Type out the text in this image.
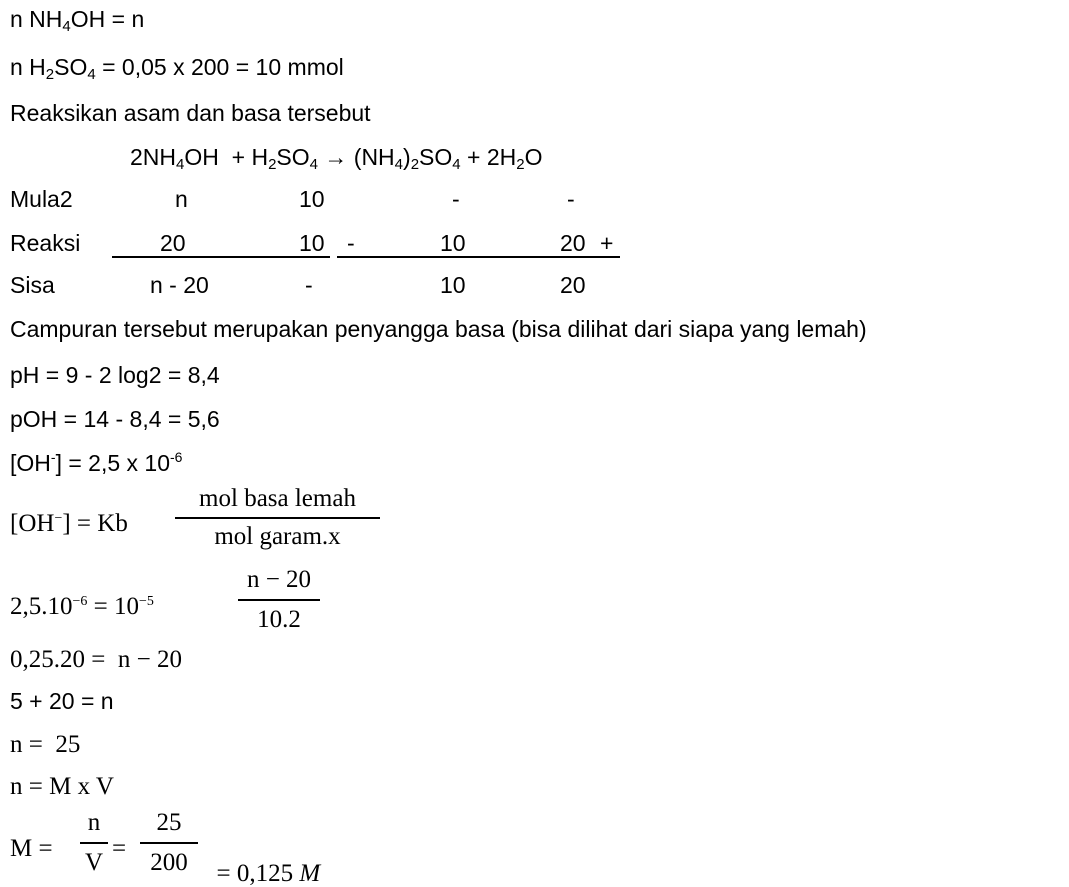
n $NH_4OH = n$
n $H_2SO_4 = 0,05$ x 200 = 10 mmol
Reaksikan asam dan basa tersebut
$2NH_4OH + H_2SO_4 \to (NH_4)_2SO_4 + 2H_2O$
Mula2	n	10	-	-
Reaksi	20	10 -	10	20 +
Sisa	n - 20	-	10	20
Campuran tersebut merupakan penyangga basa (bisa dilihat dari siapa yang lemah)
pH = 9 - 2 log2 = 8,4
pOH = 14 - 8,4 = 5,6
[OH-] = 2,5 x $10^{-6}$
[OH−] = Kb
mol basa lemah
mol garam.x
$2,5.10^{-6} = 10^{-5}$
n − 20
10.2
0,25.20 =  n − 20
5 + 20 = n
n =  25
n = M x V
M =
n
V
=
25
200	= 0,125 M
